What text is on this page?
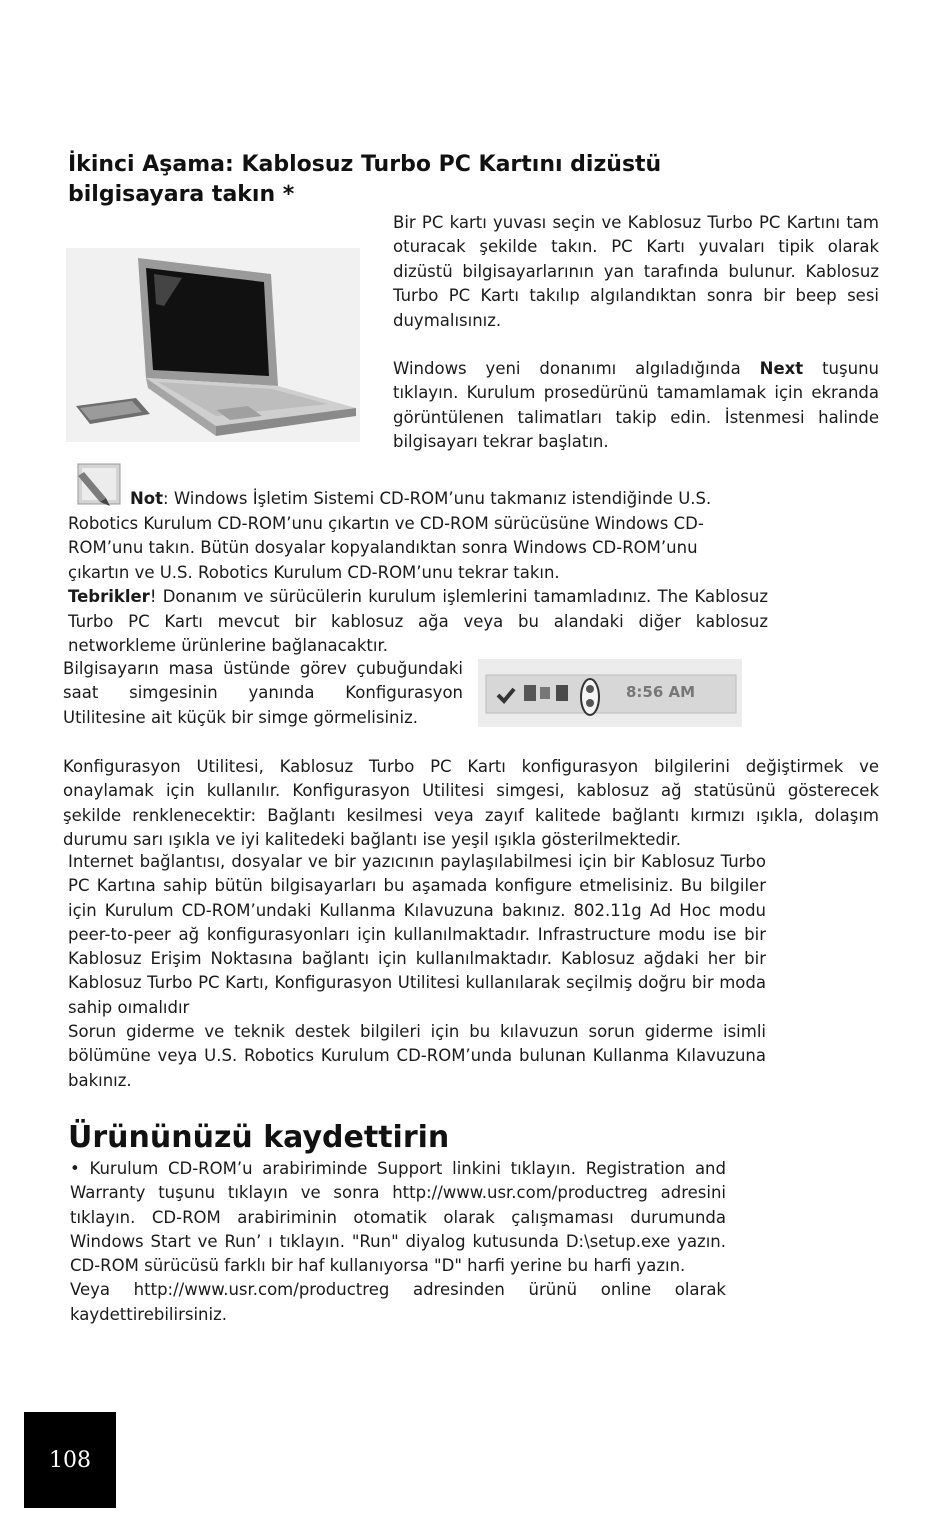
İkinci Aşama: Kablosuz Turbo PC Kartını dizüstü bilgisayara takın *

Bir PC kartı yuvası seçin ve Kablosuz Turbo PC Kartını tam oturacak şekilde takın. PC Kartı yuvaları tipik olarak dizüstü bilgisayarlarının yan tarafında bulunur. Kablosuz Turbo PC Kartı takılıp algılandıktan sonra bir beep sesi duymalısınız.

Windows yeni donanımı algıladığında Next tuşunu tıklayın. Kurulum prosedürünü tamamlamak için ekranda görüntülenen talimatları takip edin. İstenmesi halinde bilgisayarı tekrar başlatın.

Not: Windows İşletim Sistemi CD-ROM’unu takmanız istendiğinde U.S.
Robotics Kurulum CD-ROM’unu çıkartın ve CD-ROM sürücüsüne Windows CD-
ROM’unu takın. Bütün dosyalar kopyalandıktan sonra Windows CD-ROM’unu
çıkartın ve U.S. Robotics Kurulum CD-ROM’unu tekrar takın.

Tebrikler! Donanım ve sürücülerin kurulum işlemlerini tamamladınız. The Kablosuz Turbo PC Kartı mevcut bir kablosuz ağa veya bu alandaki diğer kablosuz networkleme ürünlerine bağlanacaktır.

Bilgisayarın masa üstünde görev çubuğundaki saat simgesinin yanında Konfigurasyon Utilitesine ait küçük bir simge görmelisiniz.

8:56 AM

Konfigurasyon Utilitesi, Kablosuz Turbo PC Kartı konfigurasyon bilgilerini değiştirmek ve onaylamak için kullanılır. Konfigurasyon Utilitesi simgesi, kablosuz ağ statüsünü gösterecek şekilde renklenecektir: Bağlantı kesilmesi veya zayıf kalitede bağlantı kırmızı ışıkla, dolaşım durumu sarı ışıkla ve iyi kalitedeki bağlantı ise yeşil ışıkla gösterilmektedir.

Internet bağlantısı, dosyalar ve bir yazıcının paylaşılabilmesi için bir Kablosuz Turbo PC Kartına sahip bütün bilgisayarları bu aşamada konfigure etmelisiniz. Bu bilgiler için Kurulum CD-ROM’undaki Kullanma Kılavuzuna bakınız. 802.11g Ad Hoc modu peer-to-peer ağ konfigurasyonları için kullanılmaktadır. Infrastructure modu ise bir Kablosuz Erişim Noktasına bağlantı için kullanılmaktadır. Kablosuz ağdaki her bir Kablosuz Turbo PC Kartı, Konfigurasyon Utilitesi kullanılarak seçilmiş doğru bir moda sahip oımalıdır

Sorun giderme ve teknik destek bilgileri için bu kılavuzun sorun giderme isimli bölümüne veya U.S. Robotics Kurulum CD-ROM’unda bulunan Kullanma Kılavuzuna bakınız.

Ürününüzü kaydettirin

• Kurulum CD-ROM’u arabiriminde Support linkini tıklayın. Registration and Warranty tuşunu tıklayın ve sonra http://www.usr.com/productreg adresini tıklayın. CD-ROM arabiriminin otomatik olarak çalışmaması durumunda Windows Start ve Run’ ı tıklayın. "Run" diyalog kutusunda D:\setup.exe yazın. CD-ROM sürücüsü farklı bir haf kullanıyorsa "D" harfi yerine bu harfi yazın.

Veya http://www.usr.com/productreg adresinden ürünü online olarak kaydettirebilirsiniz.

108
